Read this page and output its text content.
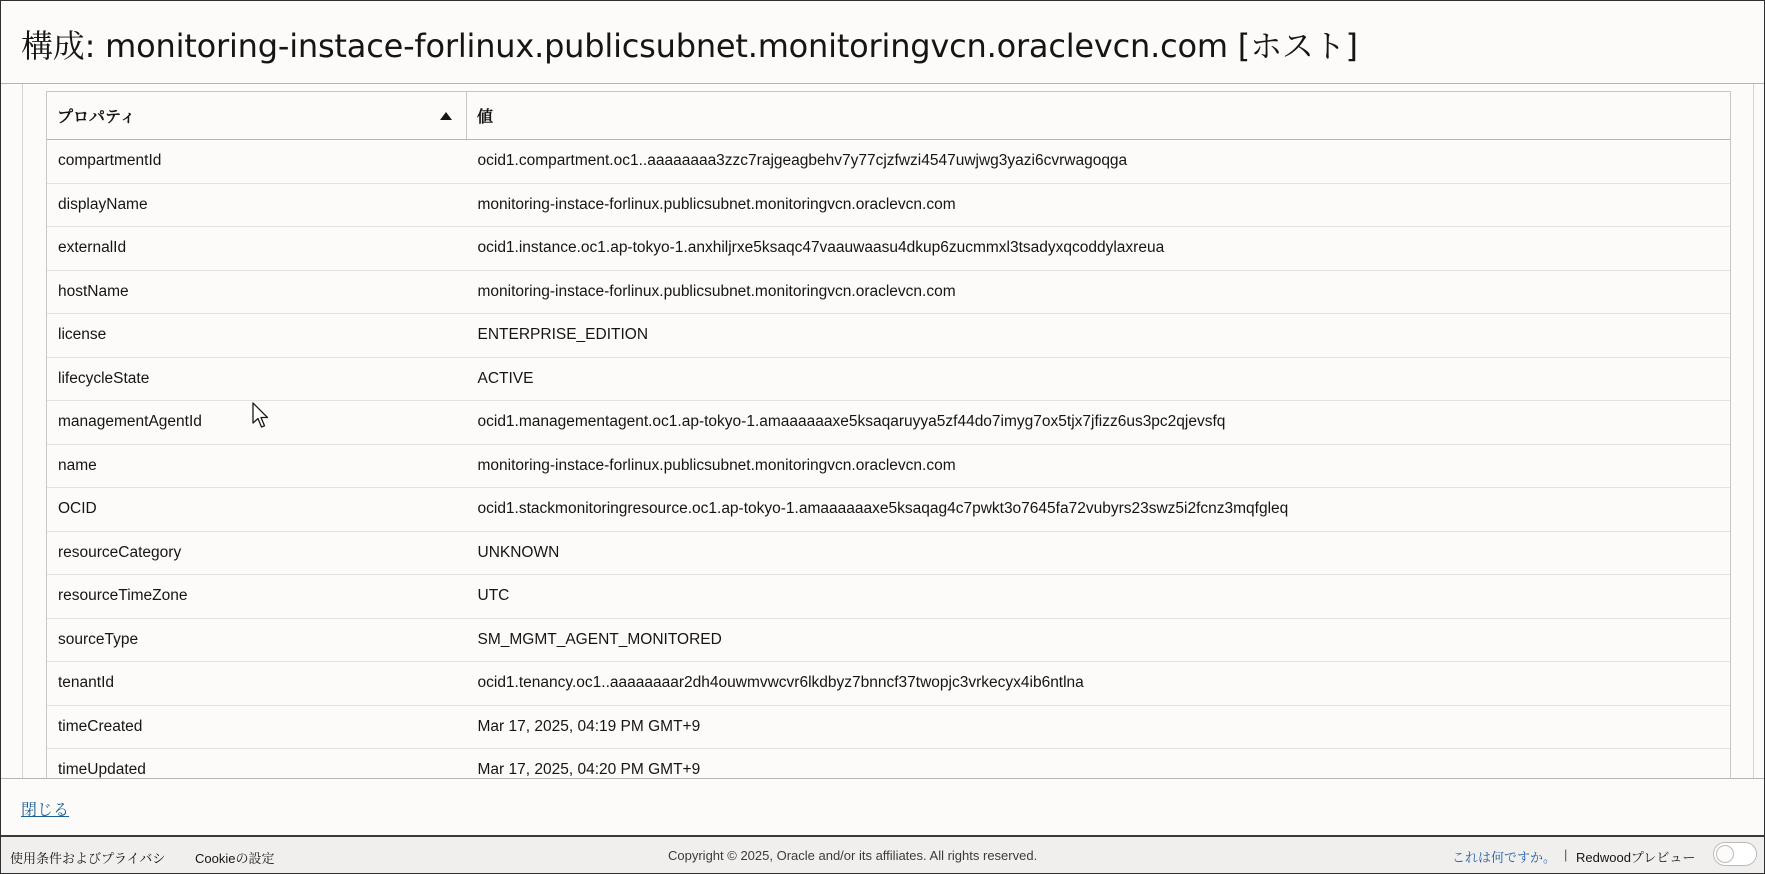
構成: monitoring-instace-forlinux.publicsubnet.monitoringvcn.oraclevcn.com [ホスト]
プロパティ	値
compartmentId	ocid1.compartment.oc1..aaaaaaaa3zzc7rajgeagbehv7y77cjzfwzi4547uwjwg3yazi6cvrwagoqga
displayName	monitoring-instace-forlinux.publicsubnet.monitoringvcn.oraclevcn.com
externalId	ocid1.instance.oc1.ap-tokyo-1.anxhiljrxe5ksaqc47vaauwaasu4dkup6zucmmxl3tsadyxqcoddylaxreua
hostName	monitoring-instace-forlinux.publicsubnet.monitoringvcn.oraclevcn.com
license	ENTERPRISE_EDITION
lifecycleState	ACTIVE
managementAgentId	ocid1.managementagent.oc1.ap-tokyo-1.amaaaaaaxe5ksaqaruyya5zf44do7imyg7ox5tjx7jfizz6us3pc2qjevsfq
name	monitoring-instace-forlinux.publicsubnet.monitoringvcn.oraclevcn.com
OCID	ocid1.stackmonitoringresource.oc1.ap-tokyo-1.amaaaaaaxe5ksaqag4c7pwkt3o7645fa72vubyrs23swz5i2fcnz3mqfgleq
resourceCategory	UNKNOWN
resourceTimeZone	UTC
sourceType	SM_MGMT_AGENT_MONITORED
tenantId	ocid1.tenancy.oc1..aaaaaaaar2dh4ouwmvwcvr6lkdbyz7bnncf37twopjc3vrkecyx4ib6ntlna
timeCreated	Mar 17, 2025, 04:19 PM GMT+9
timeUpdated	Mar 17, 2025, 04:20 PM GMT+9
閉じる
使用条件およびプライバシ Cookieの設定	Copyright © 2025, Oracle and/or its affiliates. All rights reserved.	これは何ですか。 | Redwoodプレビュー
